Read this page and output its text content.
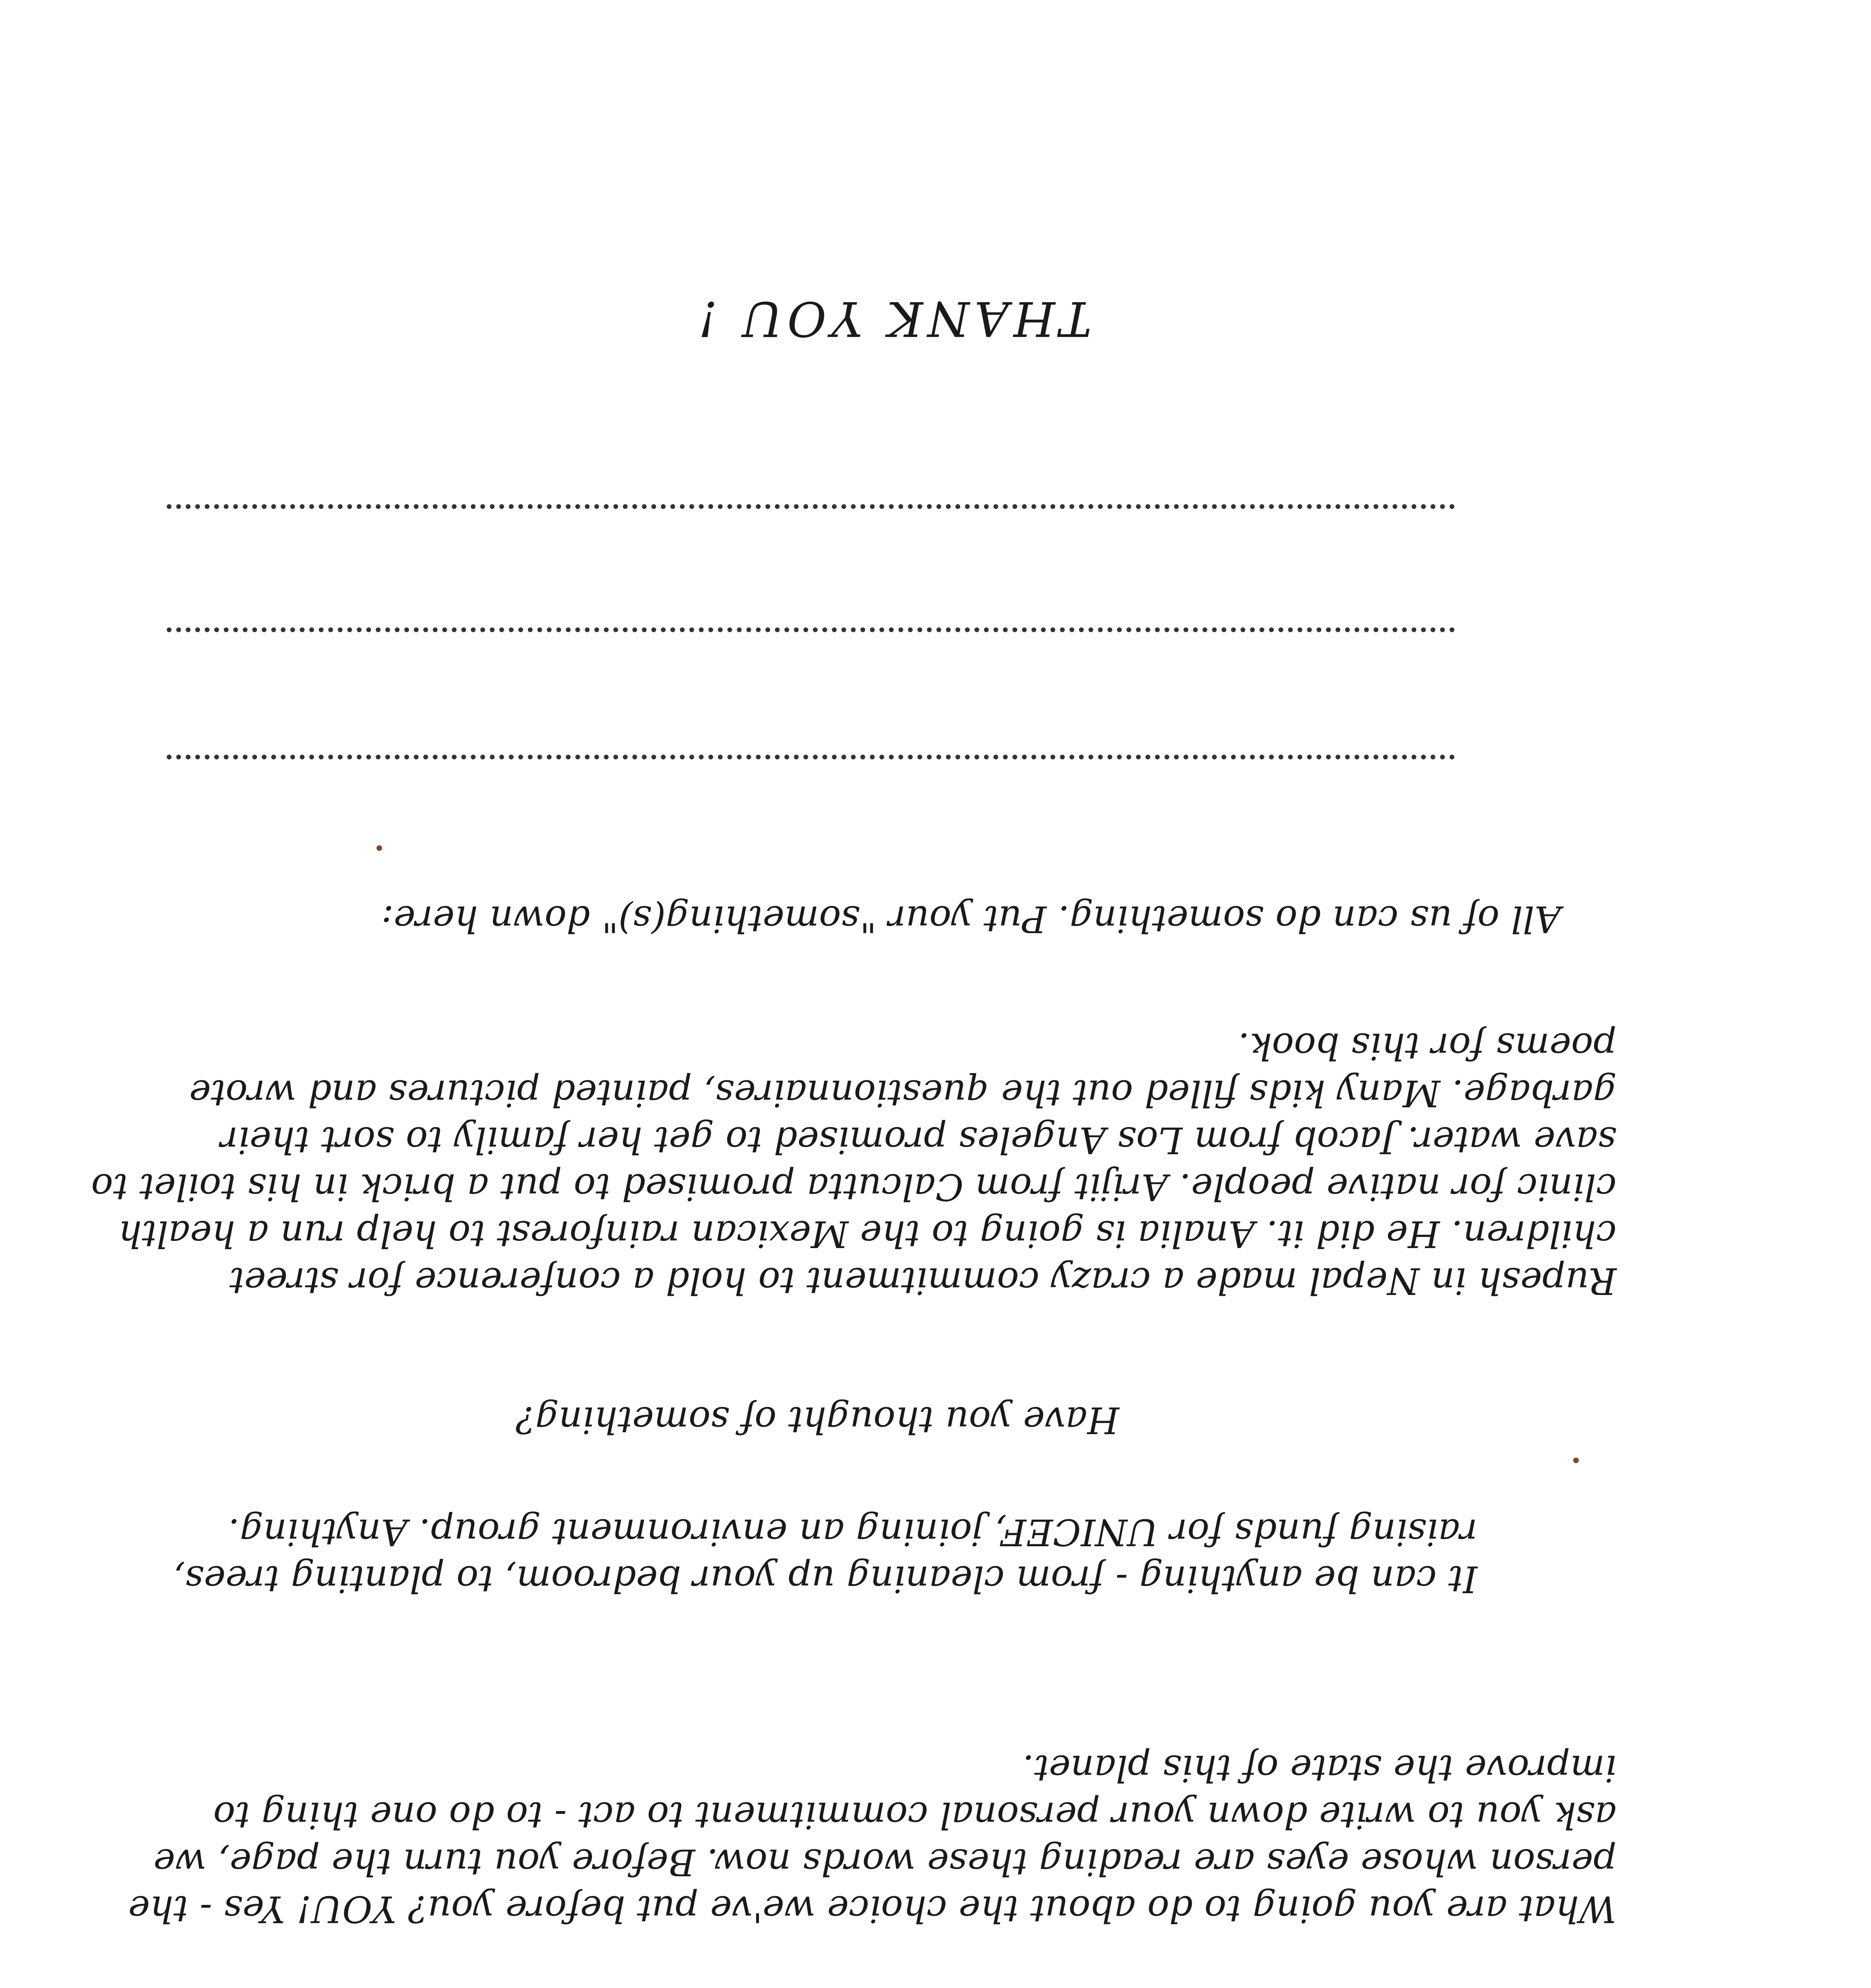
What are you going to do about the choice we've put before you? YOU! Yes - the person whose eyes are reading these words now. Before you turn the page, we ask you to write down your personal commitment to act - to do one thing to improve the state of this planet.
It can be anything - from cleaning up your bedroom, to planting trees, raising funds for UNICEF, joining an environment group. Anything.
Have you thought of something?
Rupesh in Nepal made a crazy commitment to hold a conference for street children. He did it. Analia is going to the Mexican rainforest to help run a health clinic for native people. Arijit from Calcutta promised to put a brick in his toilet to save water. Jacob from Los Angeles promised to get her family to sort their garbage. Many kids filled out the questionnaires, painted pictures and wrote poems for this book.
All of us can do something. Put your "something(s)" down here:
THANK YOU !
